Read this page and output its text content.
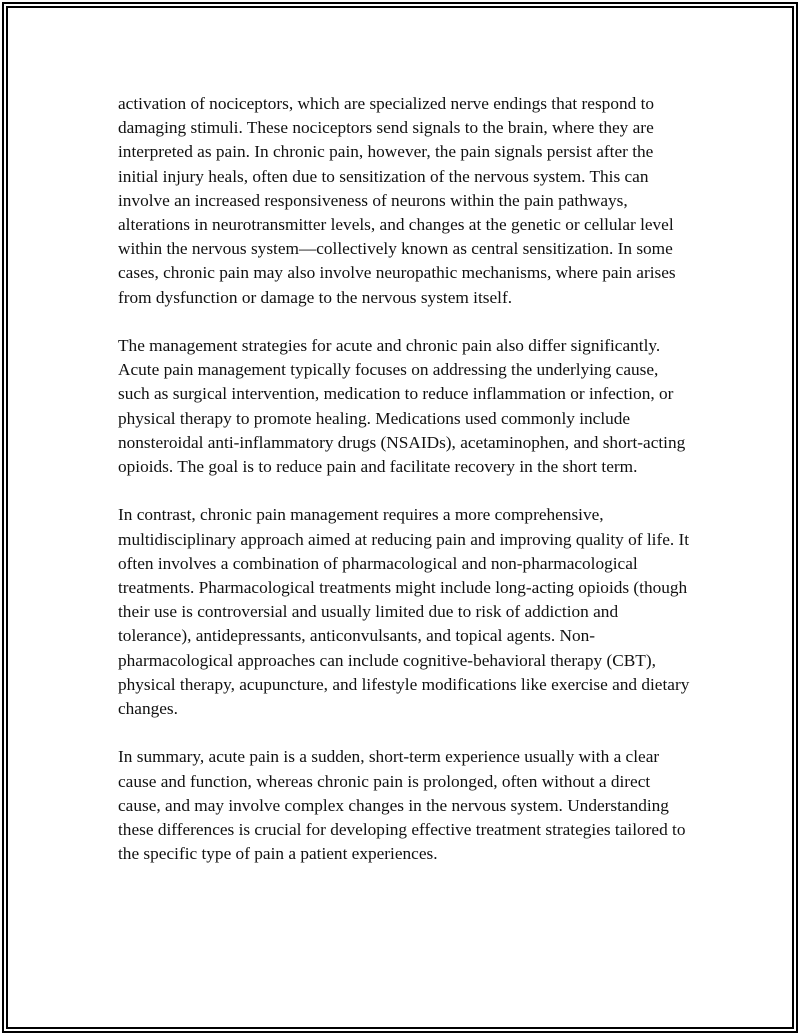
activation of nociceptors, which are specialized nerve endings that respond to damaging stimuli. These nociceptors send signals to the brain, where they are interpreted as pain. In chronic pain, however, the pain signals persist after the initial injury heals, often due to sensitization of the nervous system. This can involve an increased responsiveness of neurons within the pain pathways, alterations in neurotransmitter levels, and changes at the genetic or cellular level within the nervous system—collectively known as central sensitization. In some cases, chronic pain may also involve neuropathic mechanisms, where pain arises from dysfunction or damage to the nervous system itself.

The management strategies for acute and chronic pain also differ significantly. Acute pain management typically focuses on addressing the underlying cause, such as surgical intervention, medication to reduce inflammation or infection, or physical therapy to promote healing. Medications used commonly include nonsteroidal anti-inflammatory drugs (NSAIDs), acetaminophen, and short-acting opioids. The goal is to reduce pain and facilitate recovery in the short term.

In contrast, chronic pain management requires a more comprehensive, multidisciplinary approach aimed at reducing pain and improving quality of life. It often involves a combination of pharmacological and non-pharmacological treatments. Pharmacological treatments might include long-acting opioids (though their use is controversial and usually limited due to risk of addiction and tolerance), antidepressants, anticonvulsants, and topical agents. Non-pharmacological approaches can include cognitive-behavioral therapy (CBT), physical therapy, acupuncture, and lifestyle modifications like exercise and dietary changes.

In summary, acute pain is a sudden, short-term experience usually with a clear cause and function, whereas chronic pain is prolonged, often without a direct cause, and may involve complex changes in the nervous system. Understanding these differences is crucial for developing effective treatment strategies tailored to the specific type of pain a patient experiences.
